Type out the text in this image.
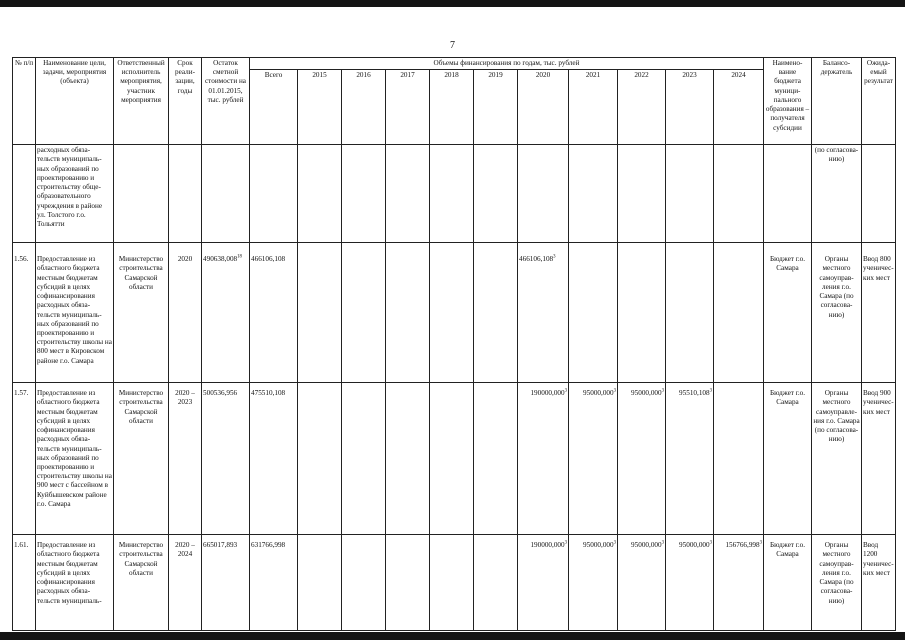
7
№ п/п	Наименование цели, задачи, мероприятия (объекта)	Ответственный исполнитель мероприятия, участник мероприятия	Срок реали-зации, годы	Остаток сметной стоимости на 01.01.2015, тыс. рублей	Объемы финансирования по годам, тыс. рублей											Наимено-вание бюджета муници-пального образования – получателя субсидии	Балансо-держатель	Ожида-емый результат
					Всего	2015	2016	2017	2018	2019	2020	2021	2022	2023	2024			
	расходных обяза-тельств муниципаль-ных образований по проектированию и строительству обще-образовательного учреждения в районе ул. Толстого г.о. Тольятти																(по согласова-нию)	
1.56.	Предоставление из областного бюджета местным бюджетам субсидий в целях софинансирования расходных обяза-тельств муниципаль-ных образований по проектированию и строительству школы на 800 мест в Кировском районе г.о. Самара	Министерство строительства Самарской области	2020	490638,008$^{18}$	466106,108						466106,108$^3$					Бюджет г.о. Самара	Органы местного самоуправ-ления г.о. Самара (по согласова-нию)	Ввод 800 ученичес-ких мест
1.57.	Предоставление из областного бюджета местным бюджетам субсидий в целях софинансирования расходных обяза-тельств муниципаль-ных образований по проектированию и строительству школы на 900 мест с бассейном в Куйбышевском районе г.о. Самара	Министерство строительства Самарской области	2020 – 2023	500536,956	475510,108						190000,000$^3$	95000,000$^3$	95000,000$^3$	95510,108$^3$		Бюджет г.о. Самара	Органы местного самоуправле-ния г.о. Самара (по согласова-нию)	Ввод 900 ученичес-ких мест
1.61.	Предоставление из областного бюджета местным бюджетам субсидий в целях софинансирования расходных обяза-тельств муниципаль-	Министерство строительства Самарской области	2020 – 2024	665017,893	631766,998						190000,000$^3$	95000,000$^3$	95000,000$^3$	95000,000$^3$	156766,998$^3$	Бюджет г.о. Самара	Органы местного самоуправ-ления г.о. Самара (по согласова-нию)	Ввод 1200 ученичес-ких мест
